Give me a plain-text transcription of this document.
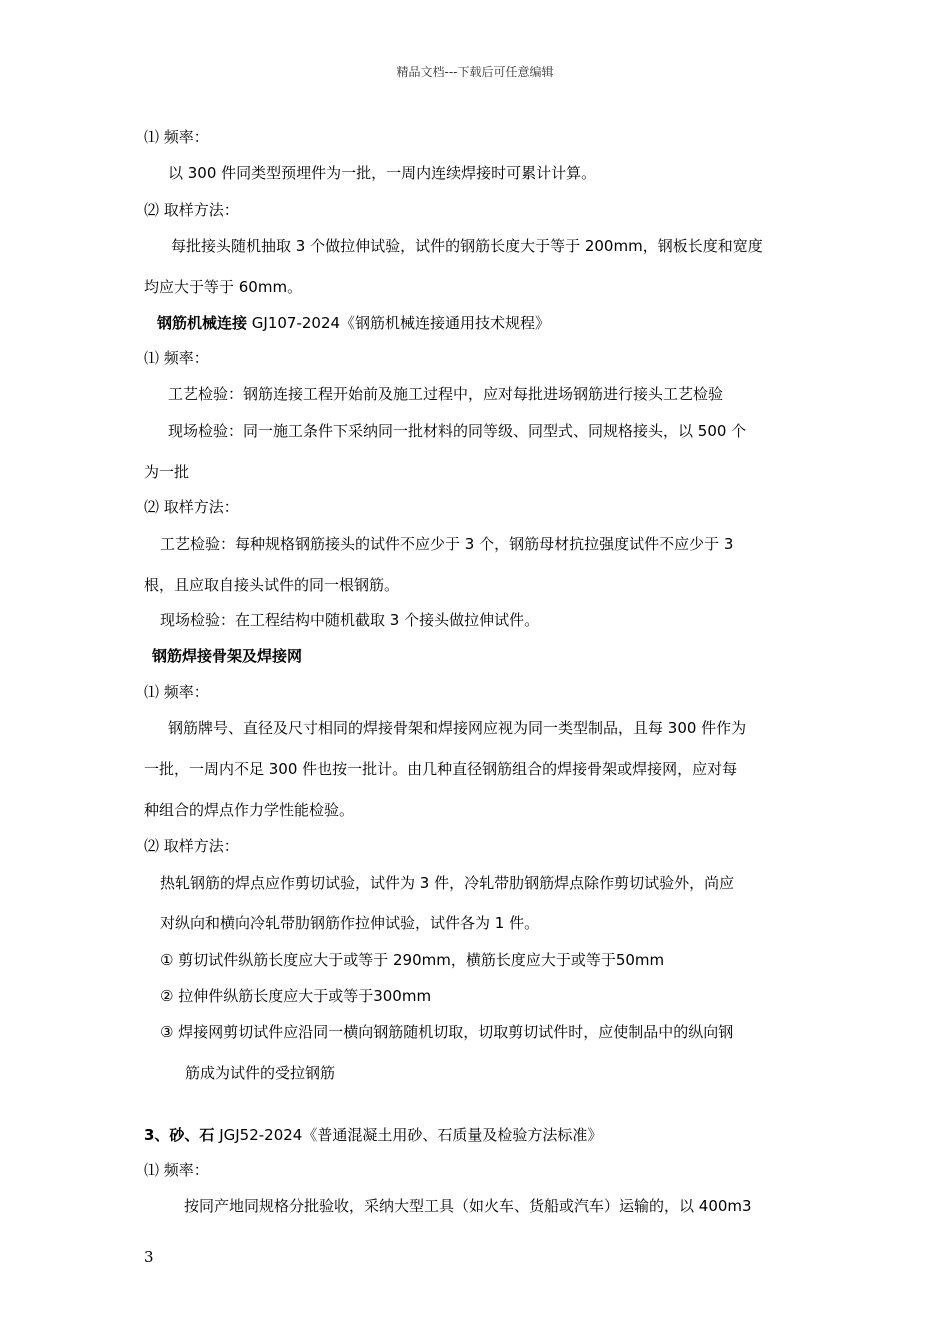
精品文档---下载后可任意编辑
⑴ 频率：
以 300 件同类型预埋件为一批，一周内连续焊接时可累计计算。
⑵ 取样方法：
每批接头随机抽取 3 个做拉伸试验，试件的钢筋长度大于等于 200mm，钢板长度和宽度
均应大于等于 60mm。
钢筋机械连接 GJ107-2024《钢筋机械连接通用技术规程》
⑴ 频率：
工艺检验：钢筋连接工程开始前及施工过程中，应对每批进场钢筋进行接头工艺检验
现场检验：同一施工条件下采纳同一批材料的同等级、同型式、同规格接头，以 500 个
为一批
⑵ 取样方法：
工艺检验：每种规格钢筋接头的试件不应少于 3 个，钢筋母材抗拉强度试件不应少于 3
根，且应取自接头试件的同一根钢筋。
现场检验：在工程结构中随机截取 3 个接头做拉伸试件。
钢筋焊接骨架及焊接网
⑴ 频率：
钢筋牌号、直径及尺寸相同的焊接骨架和焊接网应视为同一类型制品，且每 300 件作为
一批，一周内不足 300 件也按一批计。由几种直径钢筋组合的焊接骨架或焊接网，应对每
种组合的焊点作力学性能检验。
⑵ 取样方法：
热轧钢筋的焊点应作剪切试验，试件为 3 件，冷轧带肋钢筋焊点除作剪切试验外，尚应
对纵向和横向冷轧带肋钢筋作拉伸试验，试件各为 1 件。
① 剪切试件纵筋长度应大于或等于 290mm，横筋长度应大于或等于50mm
② 拉伸件纵筋长度应大于或等于300mm
③ 焊接网剪切试件应沿同一横向钢筋随机切取，切取剪切试件时，应使制品中的纵向钢
筋成为试件的受拉钢筋
3、砂、石 JGJ52-2024《普通混凝土用砂、石质量及检验方法标准》
⑴ 频率：
按同产地同规格分批验收，采纳大型工具（如火车、货船或汽车）运输的，以 400m3
3
